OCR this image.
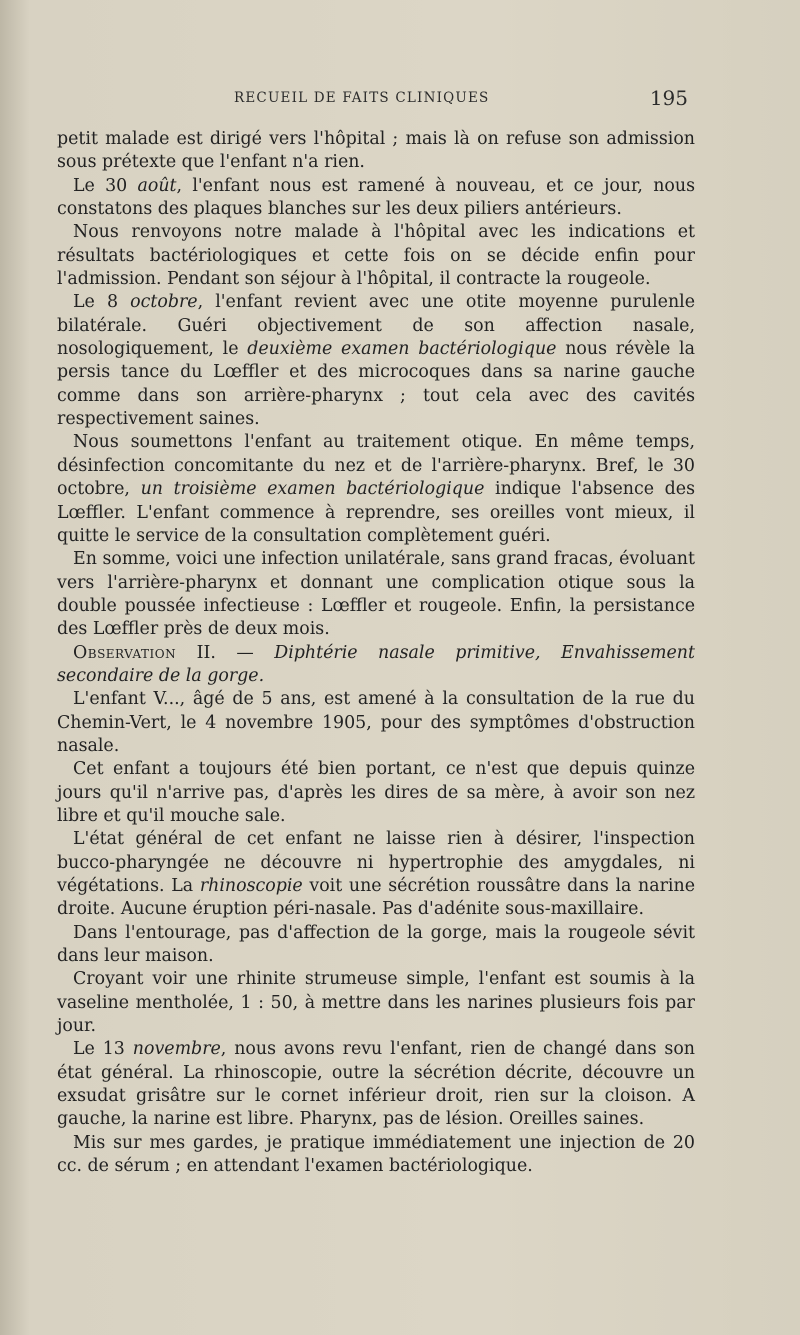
RECUEIL DE FAITS CLINIQUES	195

petit malade est dirigé vers l'hôpital ; mais là on refuse son admission sous prétexte que l'enfant n'a rien.

Le 30 août, l'enfant nous est ramené à nouveau, et ce jour, nous constatons des plaques blanches sur les deux piliers antérieurs.

Nous renvoyons notre malade à l'hôpital avec les indications et résultats bactériologiques et cette fois on se décide enfin pour l'admission. Pendant son séjour à l'hôpital, il contracte la rougeole.

Le 8 octobre, l'enfant revient avec une otite moyenne purulenle bilatérale. Guéri objectivement de son affection nasale, nosologiquement, le deuxième examen bactériologique nous révèle la persis tance du Lœffler et des microcoques dans sa narine gauche comme dans son arrière-pharynx ; tout cela avec des cavités respectivement saines.

Nous soumettons l'enfant au traitement otique. En même temps, désinfection concomitante du nez et de l'arrière-pharynx. Bref, le 30 octobre, un troisième examen bactériologique indique l'absence des Lœffler. L'enfant commence à reprendre, ses oreilles vont mieux, il quitte le service de la consultation complètement guéri.

En somme, voici une infection unilatérale, sans grand fracas, évoluant vers l'arrière-pharynx et donnant une complication otique sous la double poussée infectieuse : Lœffler et rougeole. Enfin, la persistance des Lœffler près de deux mois.

Observation II. — Diphtérie nasale primitive, Envahissement secondaire de la gorge.

L'enfant V..., âgé de 5 ans, est amené à la consultation de la rue du Chemin-Vert, le 4 novembre 1905, pour des symptômes d'obstruction nasale.

Cet enfant a toujours été bien portant, ce n'est que depuis quinze jours qu'il n'arrive pas, d'après les dires de sa mère, à avoir son nez libre et qu'il mouche sale.

L'état général de cet enfant ne laisse rien à désirer, l'inspection bucco-pharyngée ne découvre ni hypertrophie des amygdales, ni végétations. La rhinoscopie voit une sécrétion roussâtre dans la narine droite. Aucune éruption péri-nasale. Pas d'adénite sous-maxillaire.

Dans l'entourage, pas d'affection de la gorge, mais la rougeole sévit dans leur maison.

Croyant voir une rhinite strumeuse simple, l'enfant est soumis à la vaseline mentholée, 1 : 50, à mettre dans les narines plusieurs fois par jour.

Le 13 novembre, nous avons revu l'enfant, rien de changé dans son état général. La rhinoscopie, outre la sécrétion décrite, découvre un exsudat grisâtre sur le cornet inférieur droit, rien sur la cloison. A gauche, la narine est libre. Pharynx, pas de lésion. Oreilles saines.

Mis sur mes gardes, je pratique immédiatement une injection de 20 cc. de sérum ; en attendant l'examen bactériologique.
